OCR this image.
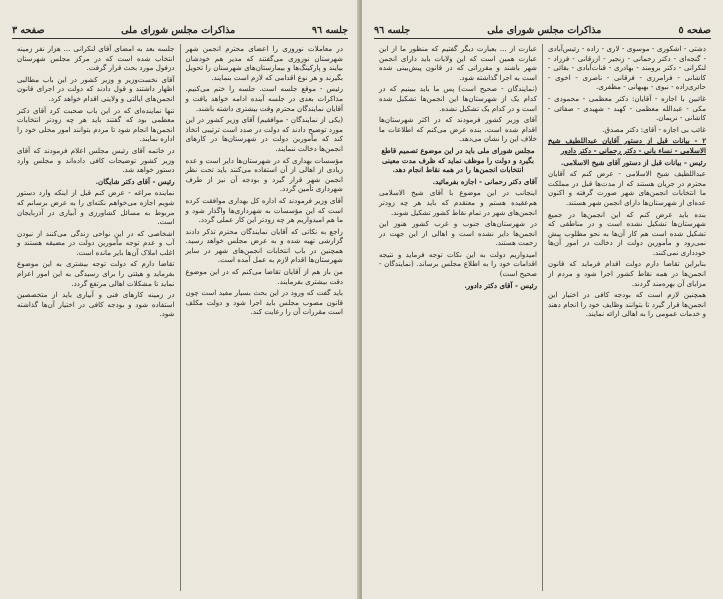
جلسه ٩٦
مذاکرات مجلس شورای ملی
صفحه ٣

در معاملات نوروزی را اعضای محترم انجمن شهر شهرستان نوروزی می‌گفتند که مدیر هم خودشان بیایند و پارکینگ‌ها و بیمارستان‌های شهرستان را تحویل بگیرند و هر نوع اقدامی که لازم است بنمایند.

رئیس - موقع جلسه است. جلسه را ختم می‌کنیم. مذاکرات بعدی در جلسه آینده ادامه خواهد یافت و آقایان نمایندگان محترم وقت بیشتری داشته باشند.

(یکی از نمایندگان - موافقیم) آقای وزیر کشور در این مورد توضیح دادند که دولت در صدد است ترتیبی اتخاذ کند که مأمورین دولت در شهرستان‌ها در کارهای انجمن‌ها دخالت ننمایند.

مؤسسات بهداری که در شهرستان‌ها دایر است و عده زیادی از اهالی از آن استفاده می‌کنند باید تحت نظر انجمن شهر قرار گیرد و بودجه آن نیز از طرف شهرداری تأمین گردد.

آقای وزیر فرمودند که اداره کل بهداری موافقت کرده است که این مؤسسات به شهرداری‌ها واگذار شود و ما هم امیدواریم هر چه زودتر این کار عملی گردد.

راجع به نکاتی که آقایان نمایندگان محترم تذکر دادند گزارشی تهیه شده و به عرض مجلس خواهد رسید. همچنین در باب انتخابات انجمن‌های شهر در سایر شهرستان‌ها اقدام لازم به عمل آمده است.

من باز هم از آقایان تقاضا می‌کنم که در این موضوع دقت بیشتری بفرمایند.

باید گفت که ورود در این بحث بسیار مفید است چون قانون مصوب مجلس باید اجرا شود و دولت مکلف است مقررات آن را رعایت کند.

جلسه بعد به امضای آقای لنکرانی ... هزار نفر زمینه انتخاب شده است که در مرکز مجلس شهرستان دزفول مورد بحث قرار گرفت.

آقای نخست‌وزیر و وزیر کشور در این باب مطالبی اظهار داشتند و قول دادند که دولت در اجرای قانون انجمن‌های ایالتی و ولایتی اقدام خواهد کرد.

تنها نماینده‌ای که در این باب صحبت کرد آقای دکتر معظمی بود که گفتند باید هر چه زودتر انتخابات انجمن‌ها انجام شود تا مردم بتوانند امور محلی خود را اداره نمایند.

در خاتمه آقای رئیس مجلس اعلام فرمودند که آقای وزیر کشور توضیحات کافی داده‌اند و مجلس وارد دستور خواهد شد.

رئیس - آقای دکتر شایگان.

نماینده مراغه - عرض کنم قبل از اینکه وارد دستور شویم اجازه می‌خواهم نکته‌ای را به عرض برسانم که مربوط به مسائل کشاورزی و آبیاری در آذربایجان است.

اشخاصی که در این نواحی زندگی می‌کنند از نبودن آب و عدم توجه مأمورین دولت در مضیقه هستند و اغلب املاک آن‌ها بایر مانده است.

تقاضا دارم که دولت توجه بیشتری به این موضوع بفرماید و هیئتی را برای رسیدگی به این امور اعزام نماید تا مشکلات اهالی مرتفع گردد.

در زمینه کارهای فنی و آبیاری باید از متخصصین استفاده شود و بودجه کافی در اختیار آن‌ها گذاشته شود.

صفحه ٥
مذاکرات مجلس شورای ملی
جلسه ٩٦

دشتی - اشکوری - موسوی - لاری - زاده - رئیس‌آبادی - گنجه‌ای - دکتر رحمانی - زنجیر - ازرقانی - فرزاد - لنکرانی - دکتر برومند - بهادری - قنات‌آبادی - بقائی - کاشانی - فرامرزی - فرقانی - ناصری - اخوی - حائری‌زاده - نبوی - بهبهانی - مظفری.

غائبین با اجازه - آقایان: دکتر معظمی - محمودی - مکی - عبدالله معظمی - کهبد - شهیدی - صفائی - کاشانی - نریمان.

غائب بی اجازه - آقای: دکتر مصدق.

۲ - بیانات قبل از دستور آقایان عبداللطیف شیخ الاسلامی - نساء بانی - دکتر رحمانی - دکتر دادور

رئیس - بیانات قبل از دستور آقای شیخ الاسلامی.

عبداللطیف شیخ الاسلامی - عرض کنم که آقایان محترم در جریان هستند که از مدت‌ها قبل در مملکت ما انتخابات انجمن‌های شهر صورت گرفته و اکنون عده‌ای از شهرستان‌ها دارای انجمن شهر هستند.

بنده باید عرض کنم که این انجمن‌ها در جمیع شهرستان‌ها تشکیل نشده است و در مناطقی که تشکیل شده است هم کار آن‌ها به نحو مطلوب پیش نمی‌رود و مأمورین دولت از دخالت در امور آن‌ها خودداری نمی‌کنند.

بنابراین تقاضا دارم دولت اقدام فرماید که قانون انجمن‌ها در همه نقاط کشور اجرا شود و مردم از مزایای آن بهره‌مند گردند.

همچنین لازم است که بودجه کافی در اختیار این انجمن‌ها قرار گیرد تا بتوانند وظایف خود را انجام دهند و خدمات عمومی را به اهالی ارائه نمایند.

عبارت از ... بعبارت دیگر گفتیم که منظور ما از این عبارت همین است که این ولایات باید دارای انجمن شهر باشند و مقرراتی که در قانون پیش‌بینی شده است به اجرا گذاشته شود.

(نمایندگان - صحیح است) پس ما باید ببینیم که در کدام یک از شهرستان‌ها این انجمن‌ها تشکیل شده است و در کدام یک تشکیل نشده.

آقای وزیر کشور فرمودند که در اکثر شهرستان‌ها اقدام شده است. بنده عرض می‌کنم که اطلاعات ما خلاف این را نشان می‌دهد.

مجلس شورای ملی باید در این موضوع تصمیم قاطع بگیرد و دولت را موظف نماید که ظرف مدت معینی انتخابات انجمن‌ها را در همه نقاط انجام دهد.

آقای دکتر رحمانی - اجازه بفرمائید.

اینجانب در این موضوع با آقای شیخ الاسلامی هم‌عقیده هستم و معتقدم که باید هر چه زودتر انجمن‌های شهر در تمام نقاط کشور تشکیل شوند.

در شهرستان‌های جنوب و غرب کشور هنوز این انجمن‌ها دایر نشده است و اهالی از این جهت در زحمت هستند.

امیدواریم دولت به این نکات توجه فرماید و نتیجه اقدامات خود را به اطلاع مجلس برساند. (نمایندگان - صحیح است)

رئیس - آقای دکتر دادور.
